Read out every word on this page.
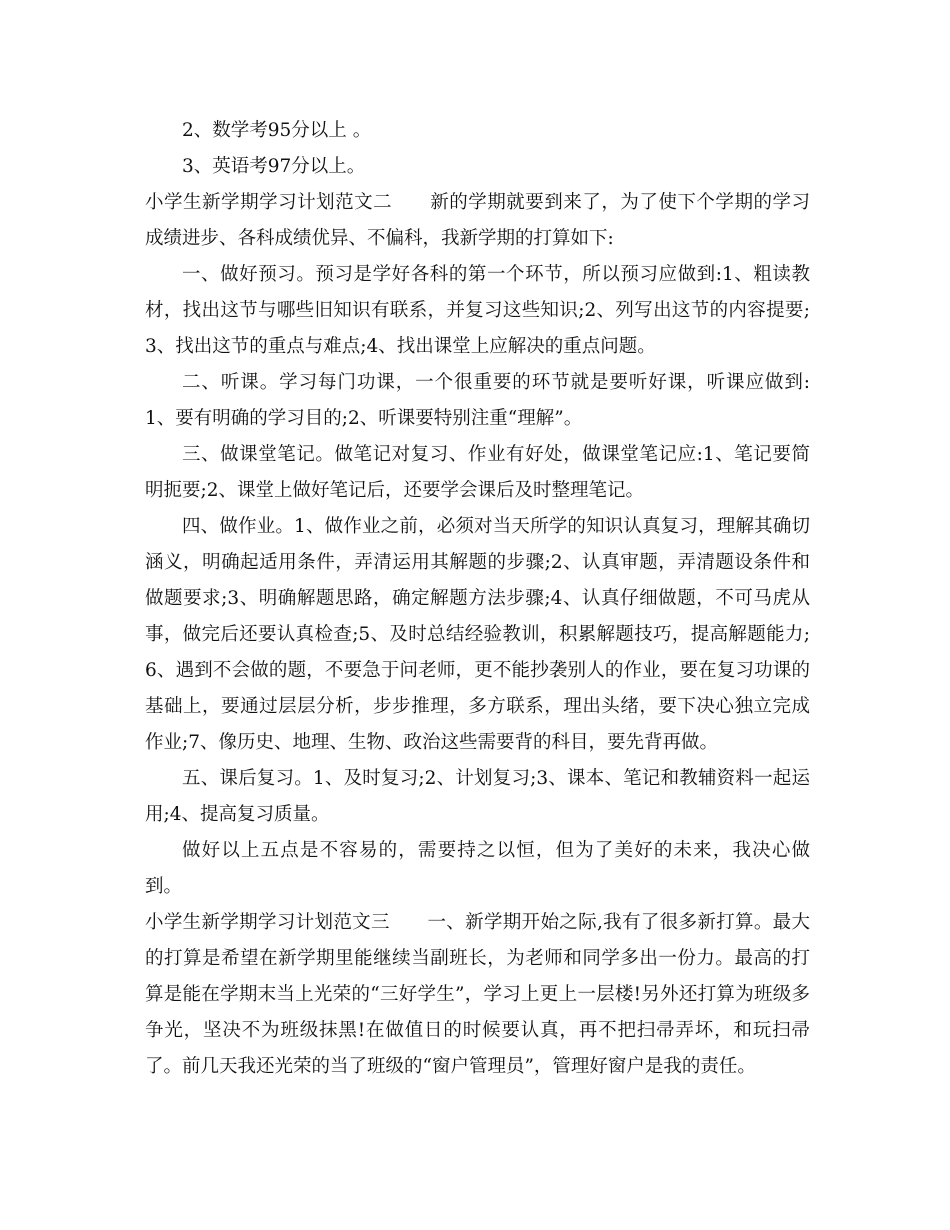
2、数学考95分以上 。

3、英语考97分以上。

小学生新学期学习计划范文二　　新的学期就要到来了，为了使下个学期的学习成绩进步、各科成绩优异、不偏科，我新学期的打算如下:

一、做好预习。预习是学好各科的第一个环节，所以预习应做到:1、粗读教材，找出这节与哪些旧知识有联系，并复习这些知识;2、列写出这节的内容提要;3、找出这节的重点与难点;4、找出课堂上应解决的重点问题。

二、听课。学习每门功课，一个很重要的环节就是要听好课，听课应做到:1、要有明确的学习目的;2、听课要特别注重“理解”。

三、做课堂笔记。做笔记对复习、作业有好处，做课堂笔记应:1、笔记要简明扼要;2、课堂上做好笔记后，还要学会课后及时整理笔记。

四、做作业。1、做作业之前，必须对当天所学的知识认真复习，理解其确切涵义，明确起适用条件，弄清运用其解题的步骤;2、认真审题，弄清题设条件和做题要求;3、明确解题思路，确定解题方法步骤;4、认真仔细做题，不可马虎从事，做完后还要认真检查;5、及时总结经验教训，积累解题技巧，提高解题能力;6、遇到不会做的题，不要急于问老师，更不能抄袭别人的作业，要在复习功课的基础上，要通过层层分析，步步推理，多方联系，理出头绪，要下决心独立完成作业;7、像历史、地理、生物、政治这些需要背的科目，要先背再做。

五、课后复习。1、及时复习;2、计划复习;3、课本、笔记和教辅资料一起运用;4、提高复习质量。

做好以上五点是不容易的，需要持之以恒，但为了美好的未来，我决心做到。

小学生新学期学习计划范文三　　一、新学期开始之际,我有了很多新打算。最大的打算是希望在新学期里能继续当副班长，为老师和同学多出一份力。最高的打算是能在学期末当上光荣的“三好学生”，学习上更上一层楼!另外还打算为班级多争光，坚决不为班级抹黑!在做值日的时候要认真，再不把扫帚弄坏，和玩扫帚了。前几天我还光荣的当了班级的“窗户管理员”，管理好窗户是我的责任。
